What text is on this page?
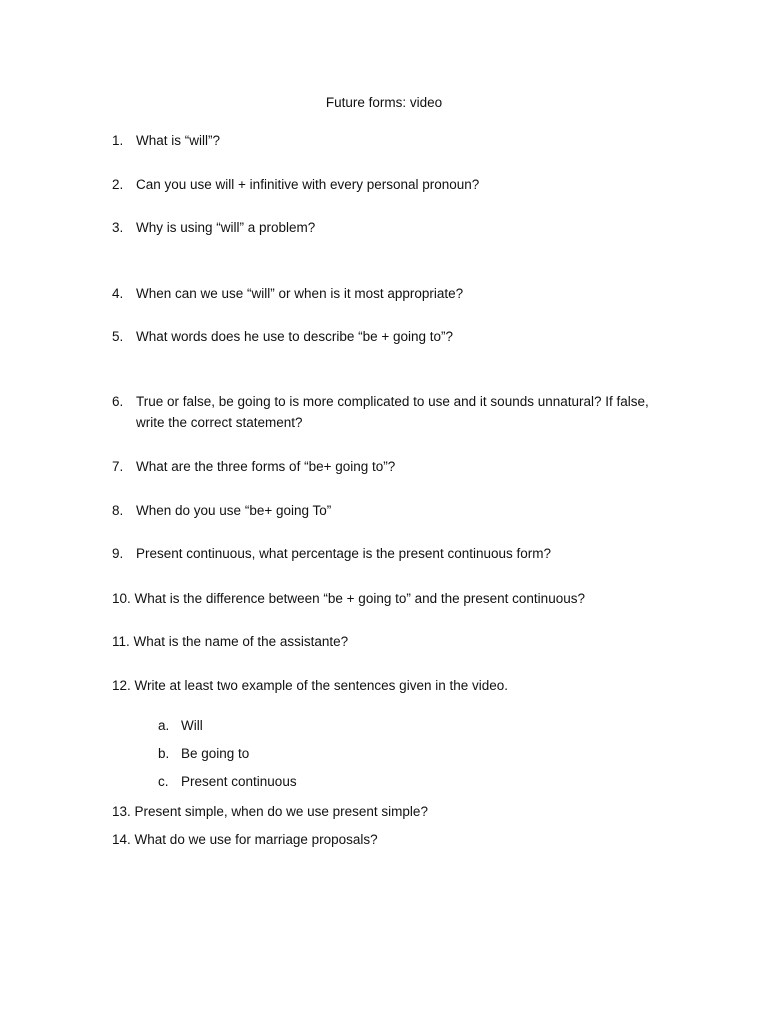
Future forms: video
1. What is “will”?
2. Can you use will + infinitive with every personal pronoun?
3. Why is using “will” a problem?
4. When can we use “will” or when is it most appropriate?
5. What words does he use to describe “be + going to”?
6. True or false, be going to is more complicated to use and it sounds unnatural? If false, write the correct statement?
7. What are the three forms of “be+ going to”?
8. When do you use “be+ going To”
9. Present continuous, what percentage is the present continuous form?
10. What is the difference between “be + going to” and the present continuous?
11. What is the name of the assistante?
12. Write at least two example of the sentences given in the video.
a. Will
b. Be going to
c. Present continuous
13. Present simple, when do we use present simple?
14. What do we use for marriage proposals?
